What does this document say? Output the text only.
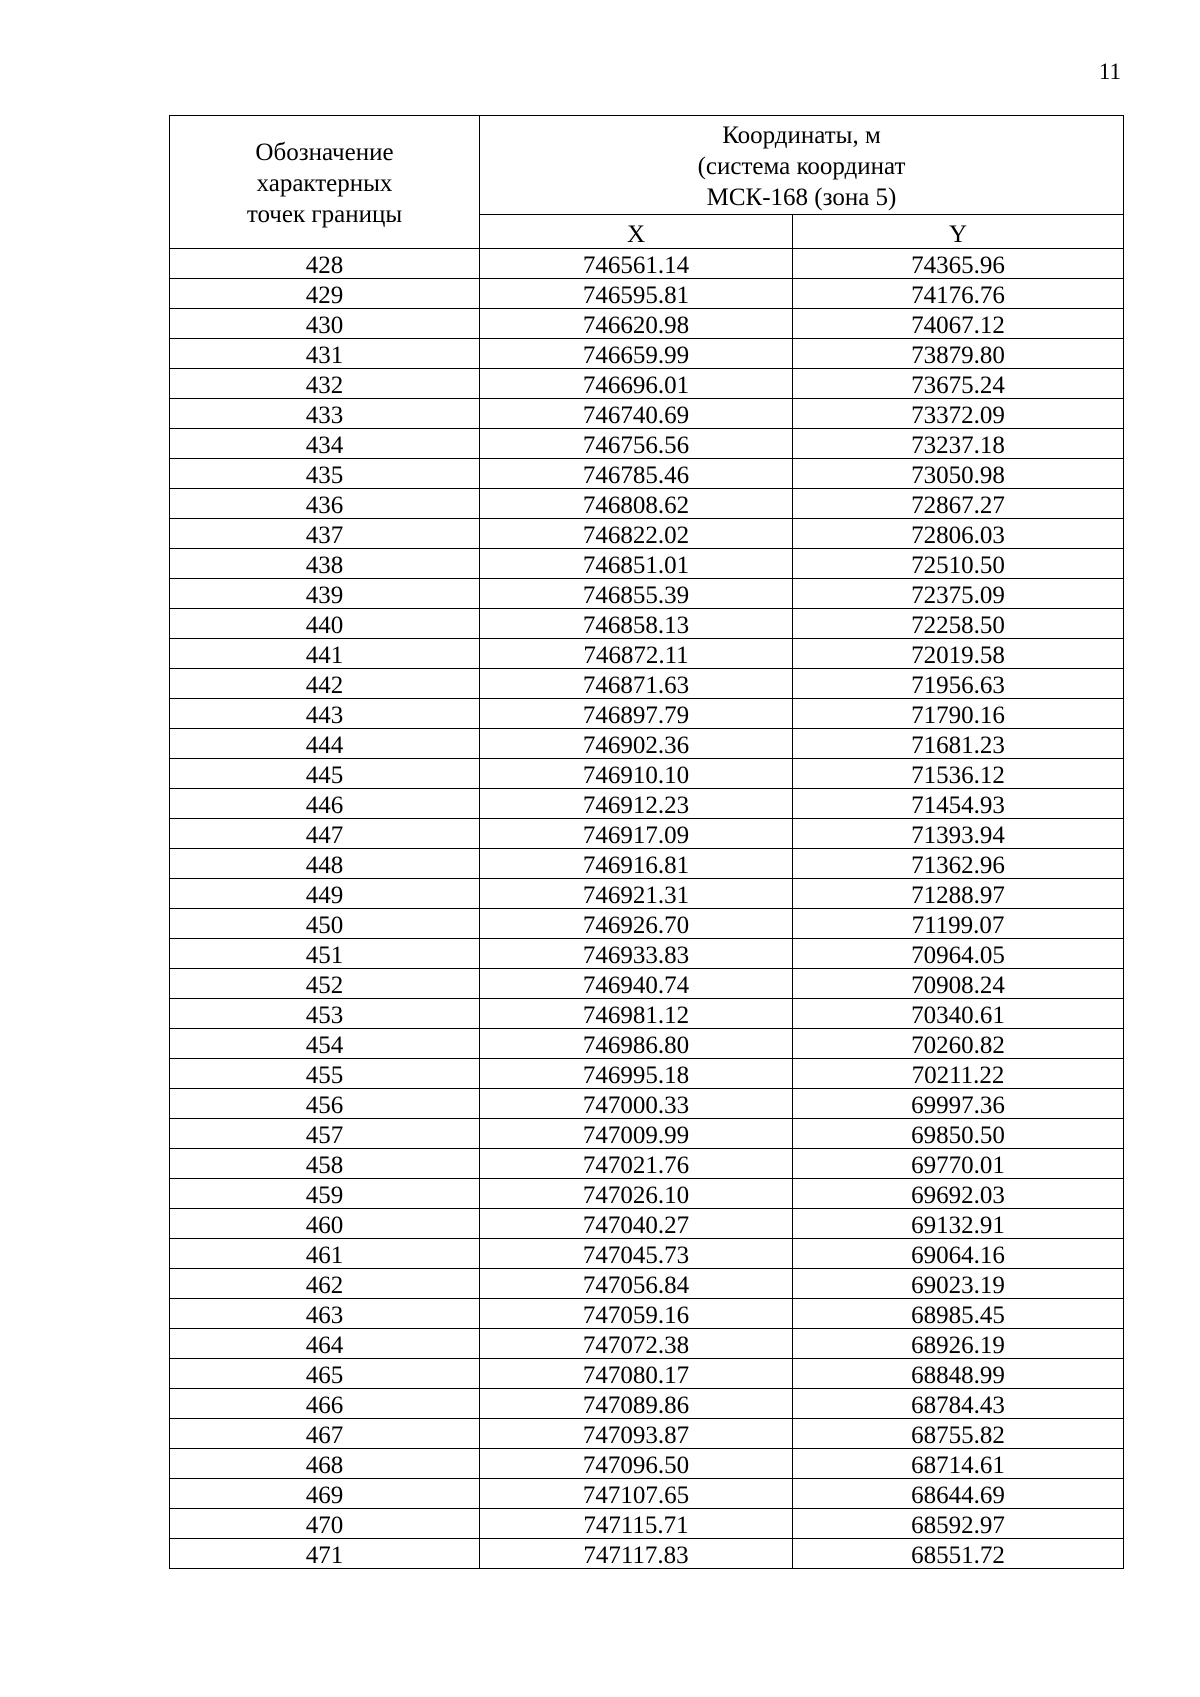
11
Обозначение
характерных
точек границы	Координаты, м
(система координат
МСК-168 (зона 5)	

	X	Y
428	746561.14	74365.96
429	746595.81	74176.76
430	746620.98	74067.12
431	746659.99	73879.80
432	746696.01	73675.24
433	746740.69	73372.09
434	746756.56	73237.18
435	746785.46	73050.98
436	746808.62	72867.27
437	746822.02	72806.03
438	746851.01	72510.50
439	746855.39	72375.09
440	746858.13	72258.50
441	746872.11	72019.58
442	746871.63	71956.63
443	746897.79	71790.16
444	746902.36	71681.23
445	746910.10	71536.12
446	746912.23	71454.93
447	746917.09	71393.94
448	746916.81	71362.96
449	746921.31	71288.97
450	746926.70	71199.07
451	746933.83	70964.05
452	746940.74	70908.24
453	746981.12	70340.61
454	746986.80	70260.82
455	746995.18	70211.22
456	747000.33	69997.36
457	747009.99	69850.50
458	747021.76	69770.01
459	747026.10	69692.03
460	747040.27	69132.91
461	747045.73	69064.16
462	747056.84	69023.19
463	747059.16	68985.45
464	747072.38	68926.19
465	747080.17	68848.99
466	747089.86	68784.43
467	747093.87	68755.82
468	747096.50	68714.61
469	747107.65	68644.69
470	747115.71	68592.97
471	747117.83	68551.72
